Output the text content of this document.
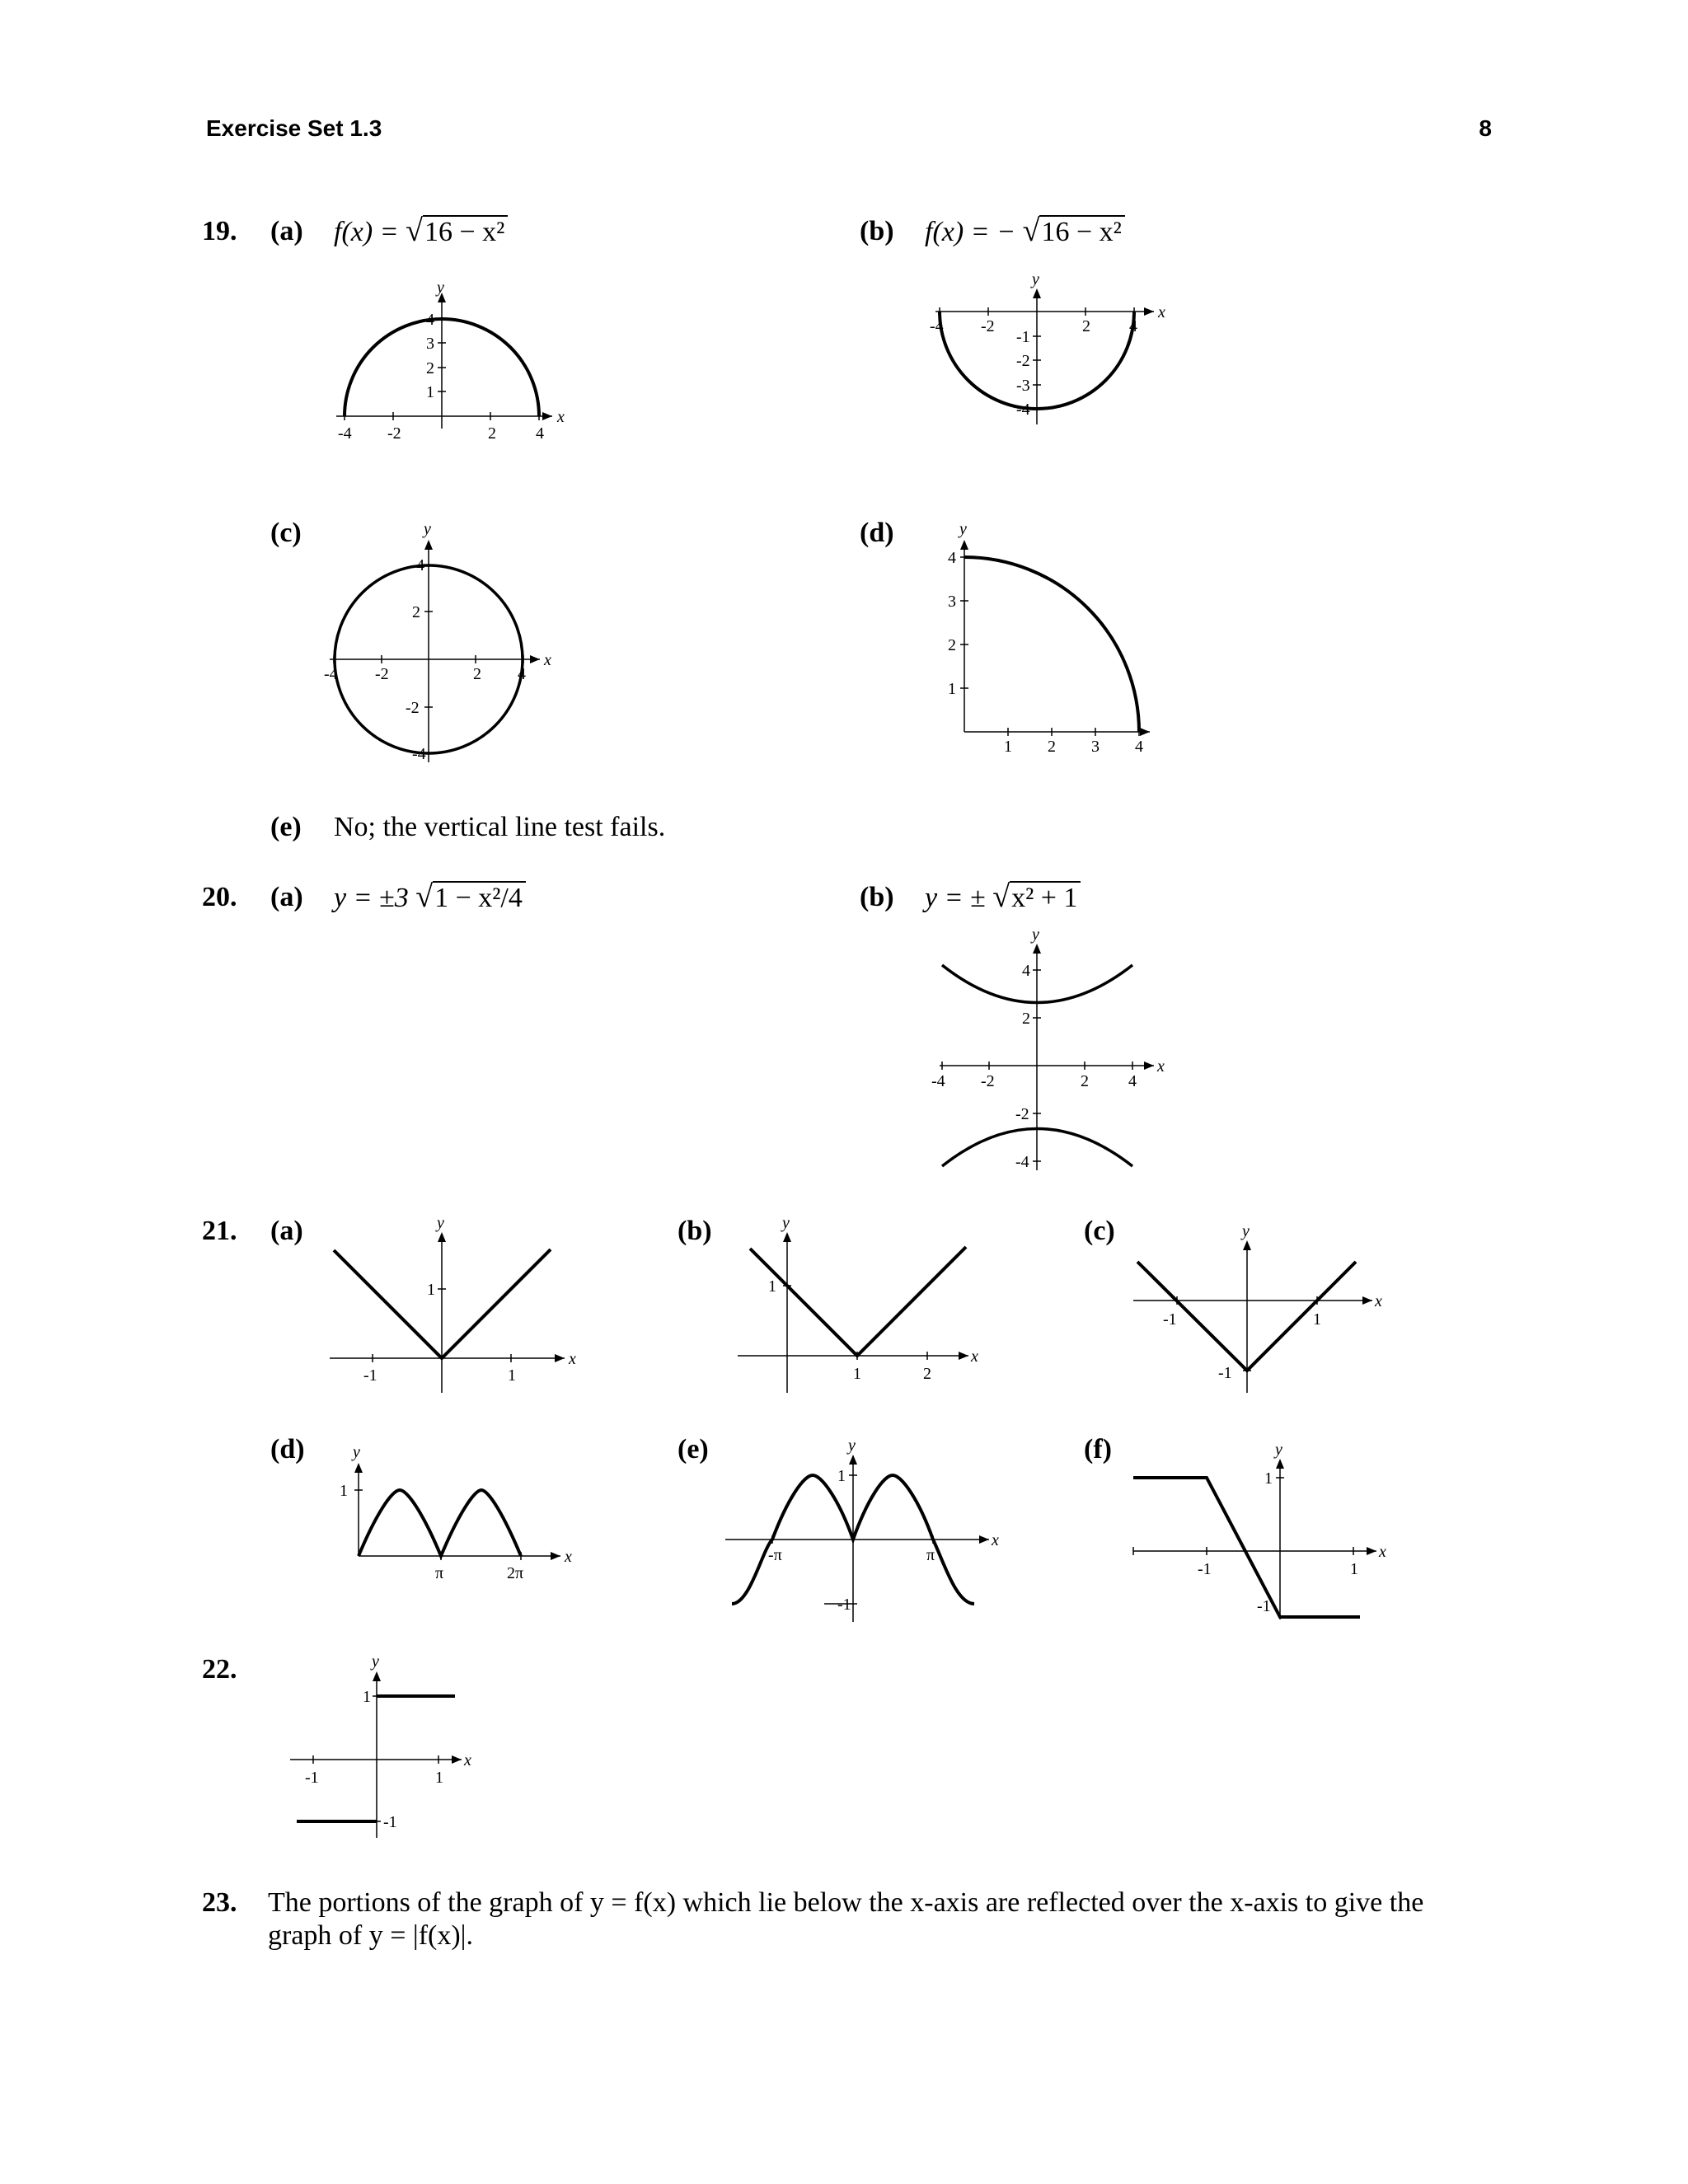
Exercise Set 1.3	8
19. (a) f(x) = √16 − x²	(b) f(x) = − √16 − x²
-4 -2	2 4
1
2
3
4
x
y
-4 -2	2 4
-1
-2
-3
-4
x
y
(c)	(d)
-4 -2	2 4
4
2
-2
-4
x
y
1 2 3 4
1
2
3
4
y
(e) No; the vertical line test fails.
20. (a) y = ±3 √1 − x²/4	(b) y = ± √x² + 1
-4 -2	2 4
4
2
-2
-4
x
y
21. (a)	(b)	(c)
-1	1
1
x
y
1	2
1
x
y
-1	1
-1
x
y
(d)	(e)	(f)
π	2π
1
x
y
-π	π
1
-1
x
y
-1	1
1
-1
x
y
22.
-1	1
1
-1
x
y
23. The portions of the graph of y = f(x) which lie below the x-axis are reflected over the x-axis to give the
graph of y = |f(x)|.
